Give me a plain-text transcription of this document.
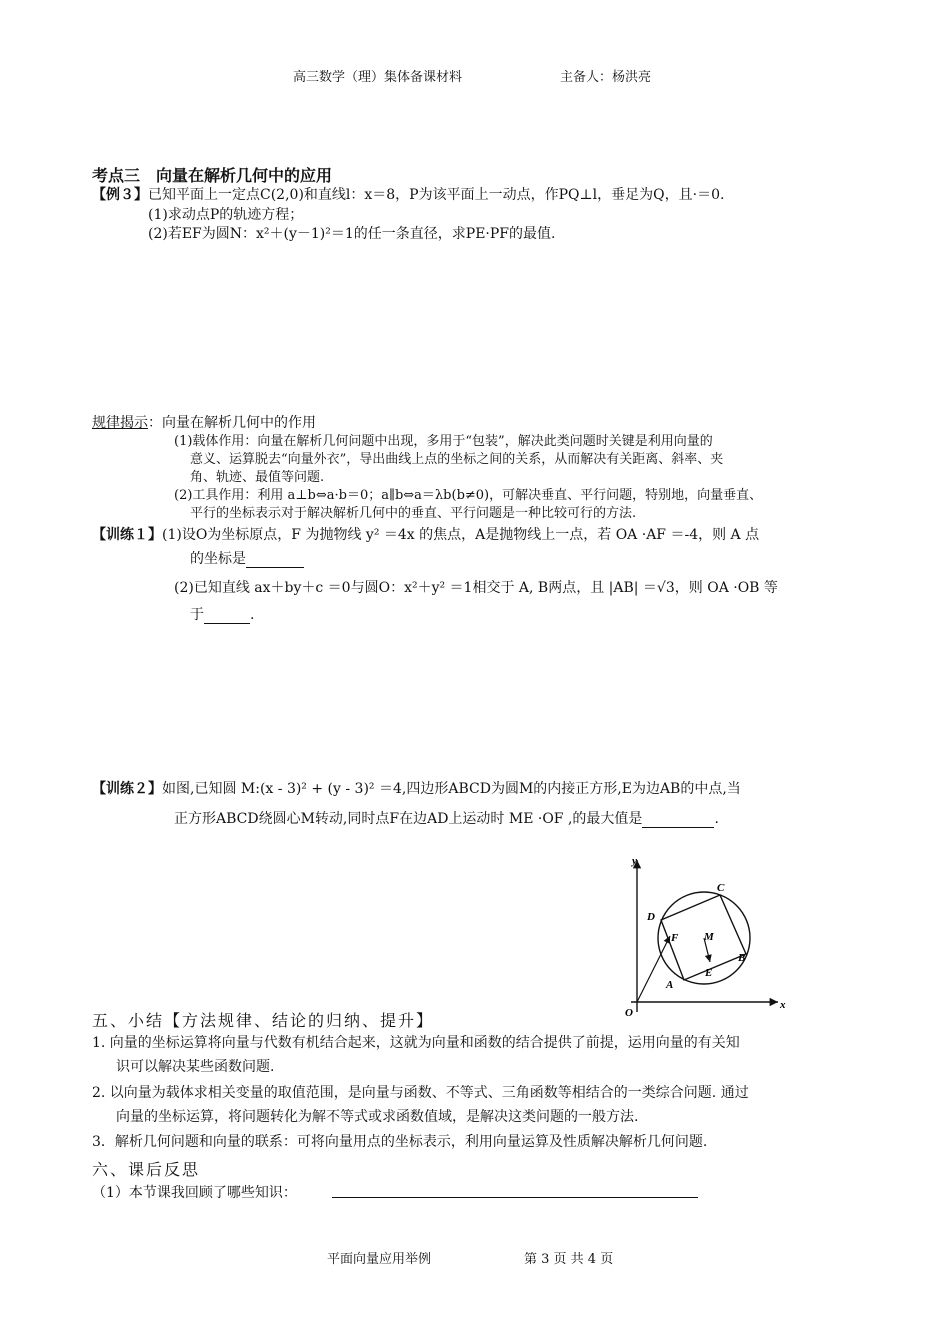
高三数学（理）集体备课材料	主备人：杨洪亮
考点三　向量在解析几何中的应用
【例３】已知平面上一定点C(2,0)和直线l：x＝8，P为该平面上一动点，作PQ⊥l，垂足为Q，且·＝0.
(1)求动点P的轨迹方程；
(2)若EF为圆N：x²＋(y－1)²＝1的任一条直径，求PE·PF的最值.
规律揭示：向量在解析几何中的作用
(1)载体作用：向量在解析几何问题中出现，多用于“包装”，解决此类问题时关键是利用向量的
意义、运算脱去“向量外衣”，导出曲线上点的坐标之间的关系，从而解决有关距离、斜率、夹
角、轨迹、最值等问题.
(2)工具作用：利用 a⊥b⇔a·b＝0；a∥b⇔a＝λb(b≠0)，可解决垂直、平行问题，特别地，向量垂直、
平行的坐标表示对于解决解析几何中的垂直、平行问题是一种比较可行的方法.
【训练１】(1)设O为坐标原点，F 为抛物线 y² ＝4x 的焦点，A是抛物线上一点，若 OA ·AF ＝-4，则 A 点
的坐标是
(2)已知直线 ax＋by＋c ＝0与圆O：x²＋y² ＝1相交于 A, B两点，且 |AB| ＝√3，则 OA ·OB 等
于	.
【训练２】如图,已知圆 M:(x - 3)² + (y - 3)² ＝4,四边形ABCD为圆M的内接正方形,E为边AB的中点,当
正方形ABCD绕圆心M转动,同时点F在边AD上运动时 ME ·OF ,的最大值是	.
y
x
O
A
B
C
D
E
F M
五、小结【方法规律、结论的归纳、提升】
1. 向量的坐标运算将向量与代数有机结合起来，这就为向量和函数的结合提供了前提，运用向量的有关知
识可以解决某些函数问题.
2. 以向量为载体求相关变量的取值范围，是向量与函数、不等式、三角函数等相结合的一类综合问题. 通过
向量的坐标运算，将问题转化为解不等式或求函数值域，是解决这类问题的一般方法.
3．解析几何问题和向量的联系：可将向量用点的坐标表示，利用向量运算及性质解决解析几何问题.
六、课后反思
（1）本节课我回顾了哪些知识：
平面向量应用举例	第 3 页 共 4 页
